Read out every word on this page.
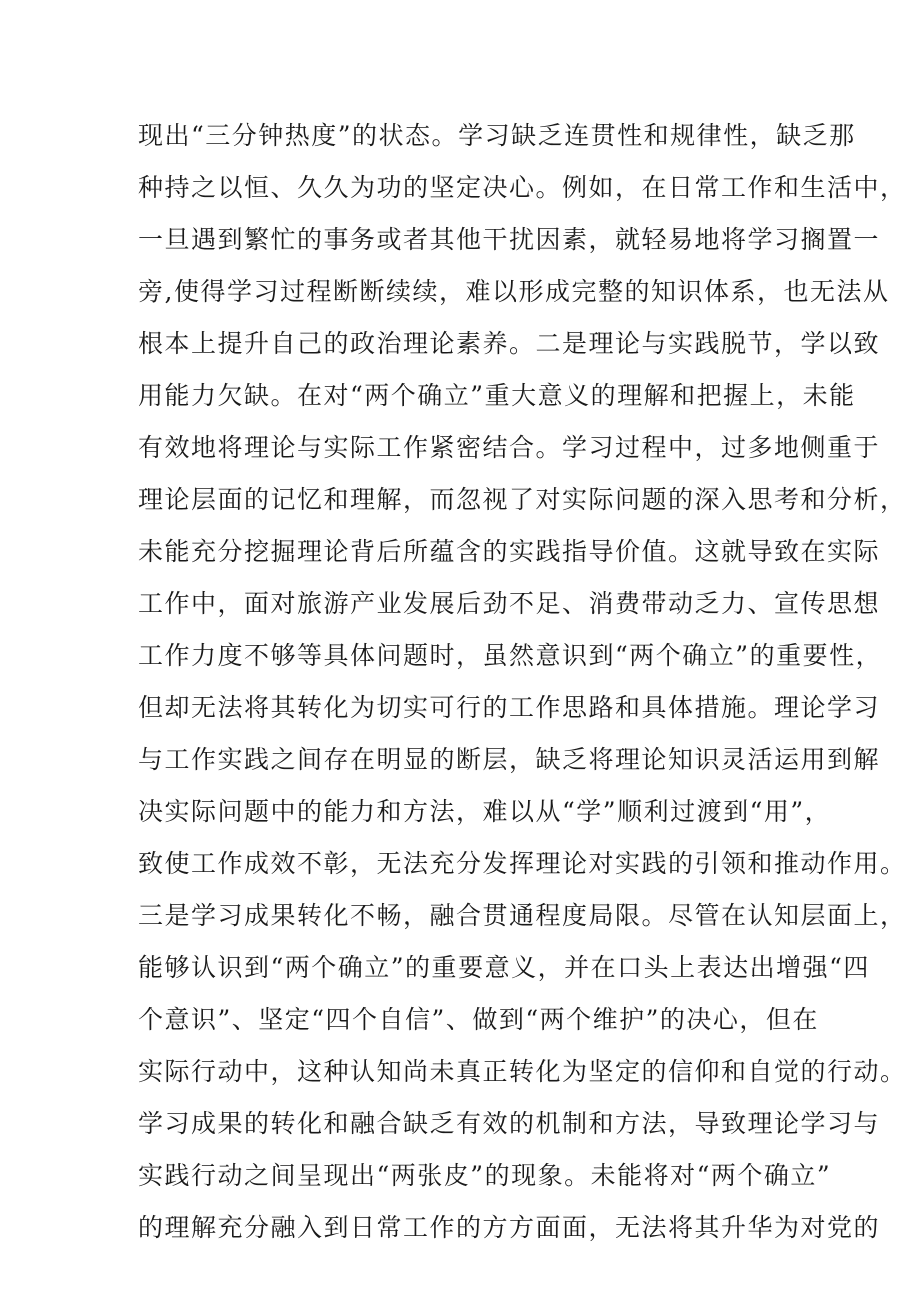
现出“三分钟热度”的状态。学习缺乏连贯性和规律性，缺乏那
种持之以恒、久久为功的坚定决心。例如，在日常工作和生活中，
一旦遇到繁忙的事务或者其他干扰因素，就轻易地将学习搁置一
旁,使得学习过程断断续续，难以形成完整的知识体系，也无法从
根本上提升自己的政治理论素养。二是理论与实践脱节，学以致
用能力欠缺。在对“两个确立”重大意义的理解和把握上，未能
有效地将理论与实际工作紧密结合。学习过程中，过多地侧重于
理论层面的记忆和理解，而忽视了对实际问题的深入思考和分析，
未能充分挖掘理论背后所蕴含的实践指导价值。这就导致在实际
工作中，面对旅游产业发展后劲不足、消费带动乏力、宣传思想
工作力度不够等具体问题时，虽然意识到“两个确立”的重要性，
但却无法将其转化为切实可行的工作思路和具体措施。理论学习
与工作实践之间存在明显的断层，缺乏将理论知识灵活运用到解
决实际问题中的能力和方法，难以从“学”顺利过渡到“用”，
致使工作成效不彰，无法充分发挥理论对实践的引领和推动作用。
三是学习成果转化不畅，融合贯通程度局限。尽管在认知层面上，
能够认识到“两个确立”的重要意义，并在口头上表达出增强“四
个意识”、坚定“四个自信”、做到“两个维护”的决心，但在
实际行动中，这种认知尚未真正转化为坚定的信仰和自觉的行动。
学习成果的转化和融合缺乏有效的机制和方法，导致理论学习与
实践行动之间呈现出“两张皮”的现象。未能将对“两个确立”
的理解充分融入到日常工作的方方面面，无法将其升华为对党的
